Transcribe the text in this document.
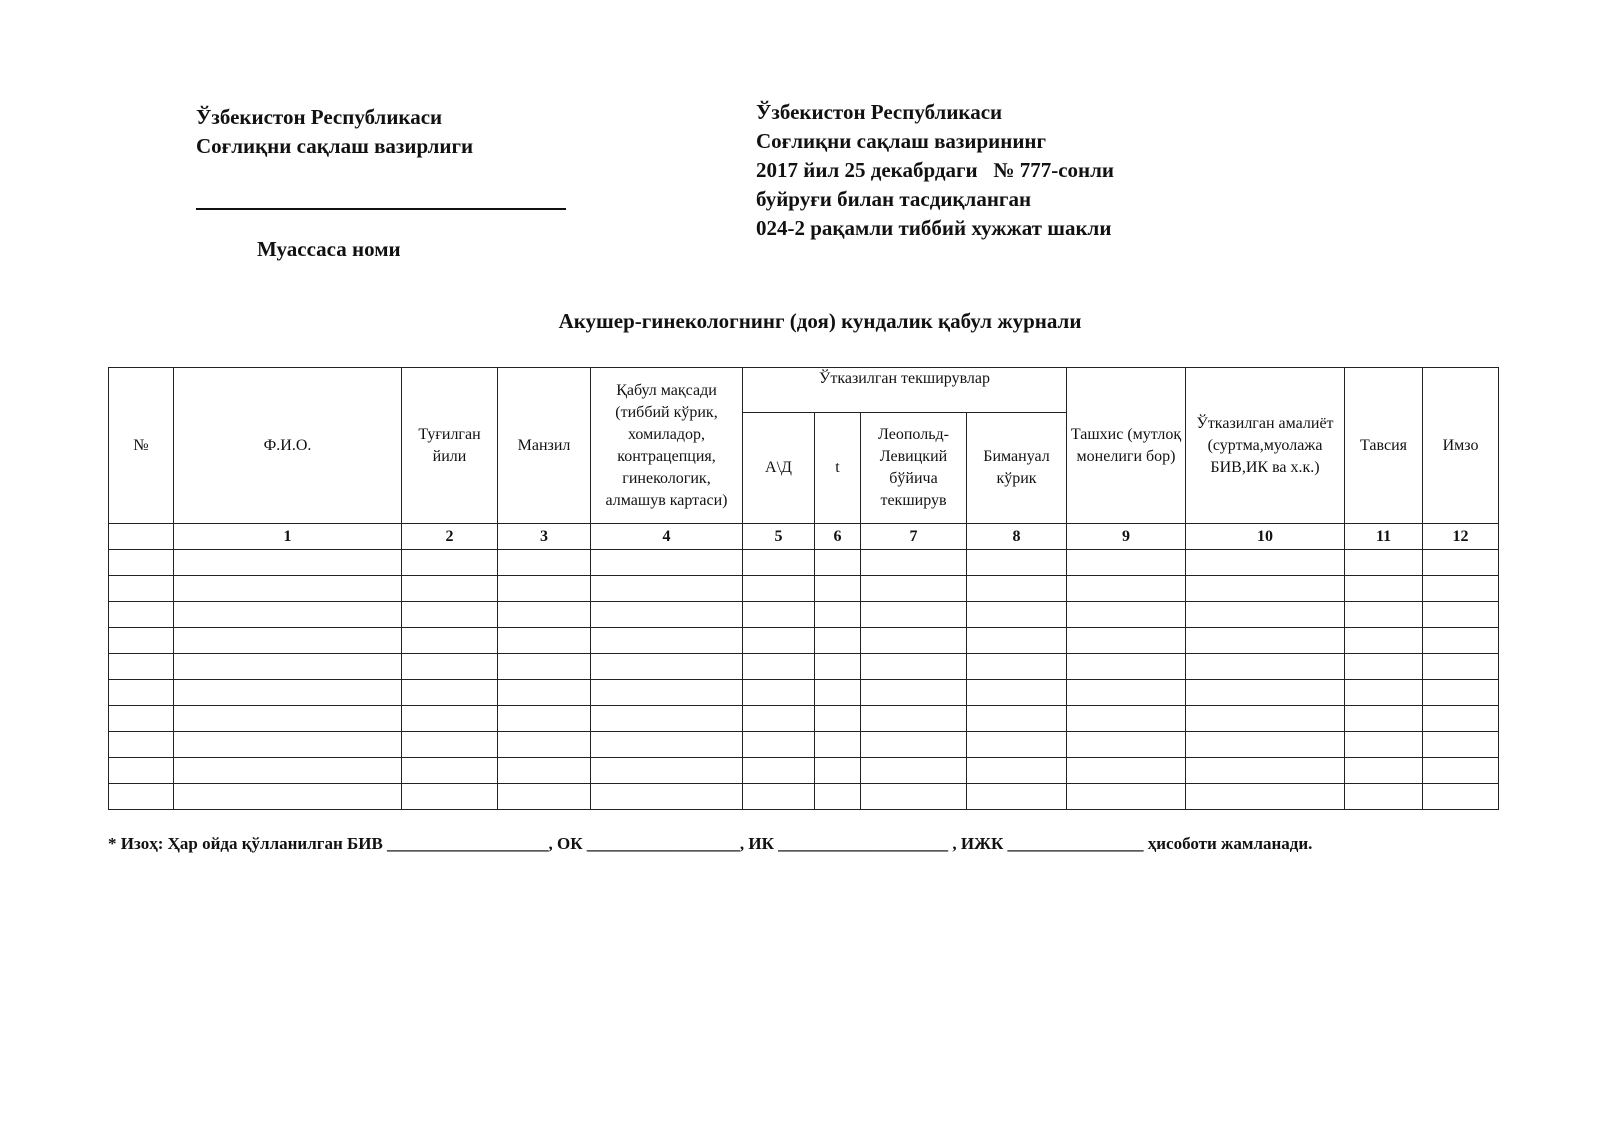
Ўзбекистон Республикаси
Соғлиқни сақлаш вазирлиги
Муассаса номи
Ўзбекистон Республикаси
Соғлиқни сақлаш вазирининг
2017 йил 25 декабрдаги   № 777-сонли
буйруғи билан тасдиқланган
024-2 рақамли тиббий хужжат шакли
Акушер-гинекологнинг (доя) кундалик қабул журнали
№	Ф.И.О.	Туғилган йили	Манзил	Қабул мақсади (тиббий кўрик, хомиладор, контрацепция, гинекологик, алмашув картаси)	Ўтказилган текширувлар				Ташхис (мутлоқ монелиги бор)	Ўтказилган амалиёт (суртма,муолажа БИВ,ИК ва х.к.)	Тавсия	Имзо
					А\Д	t	Леопольд-Левицкий бўйича текширув	Бимануал кўрик				
	1	2	3	4	5	6	7	8	9	10	11	12

* Изоҳ: Ҳар ойда қўлланилган БИВ ___________________, ОК __________________, ИК ____________________ , ИЖК ________________ ҳисоботи жамланади.
